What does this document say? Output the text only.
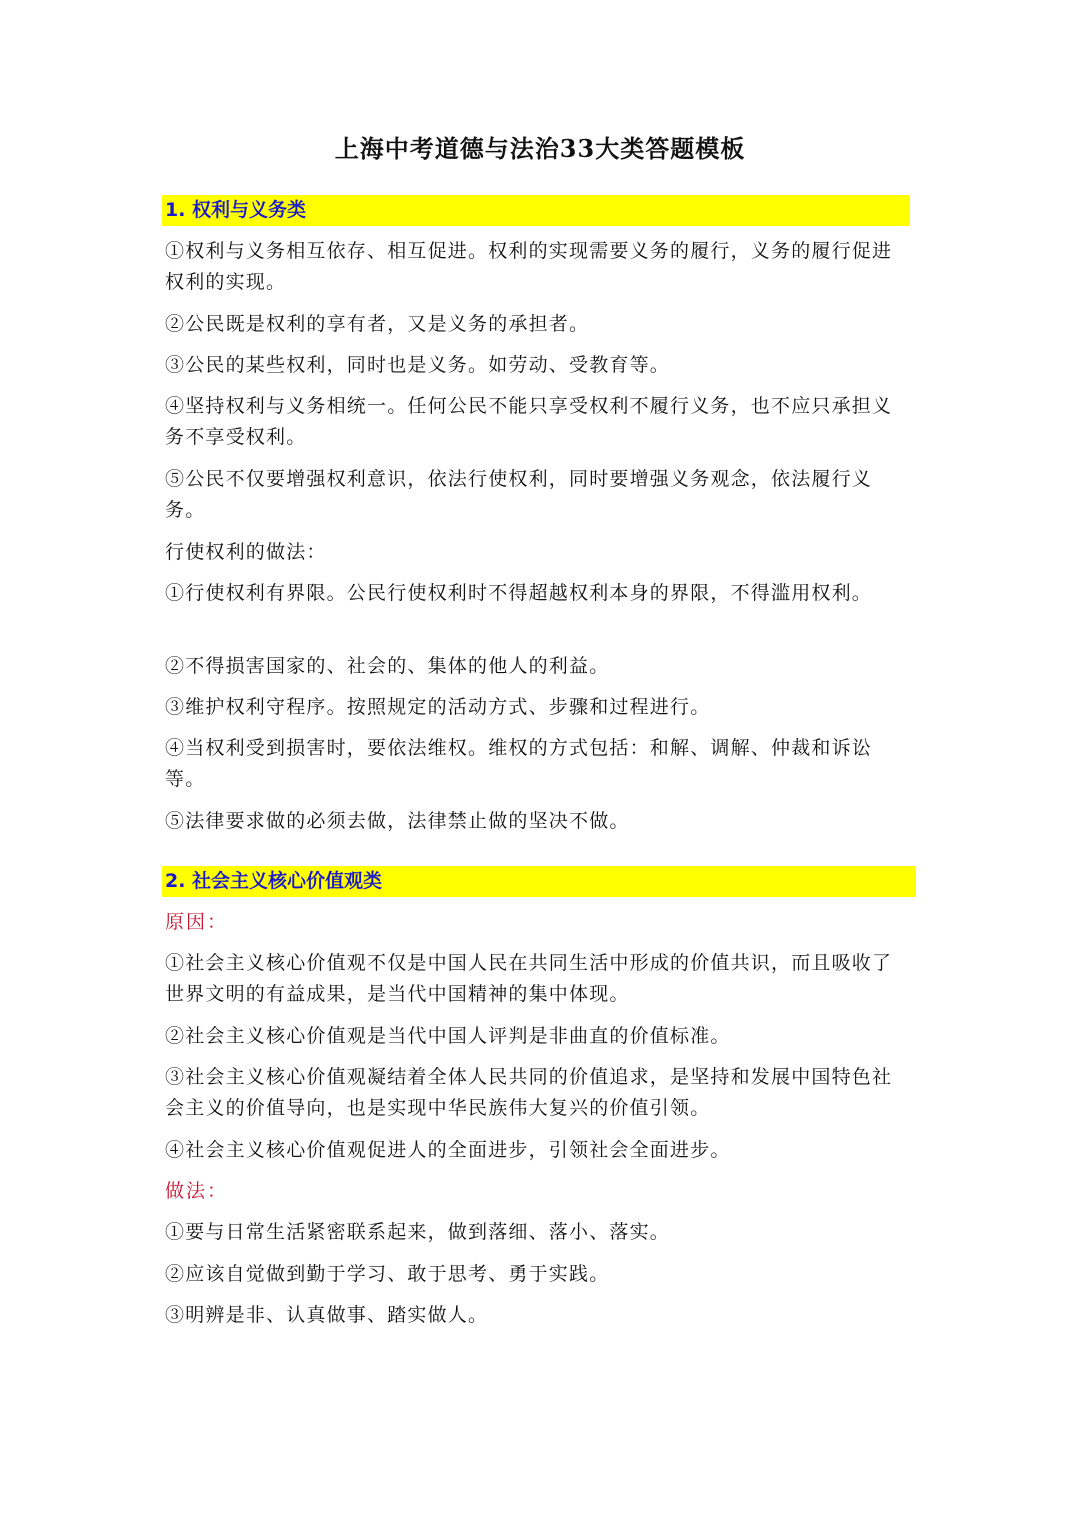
上海中考道德与法治33大类答题模板
1. 权利与义务类

①权利与义务相互依存、相互促进。权利的实现需要义务的履行，义务的履行促进权利的实现。

②公民既是权利的享有者，又是义务的承担者。

③公民的某些权利，同时也是义务。如劳动、受教育等。

④坚持权利与义务相统一。任何公民不能只享受权利不履行义务，也不应只承担义务不享受权利。

⑤公民不仅要增强权利意识，依法行使权利，同时要增强义务观念，依法履行义务。

行使权利的做法：

①行使权利有界限。公民行使权利时不得超越权利本身的界限，不得滥用权利。

②不得损害国家的、社会的、集体的他人的利益。

③维护权利守程序。按照规定的活动方式、步骤和过程进行。

④当权利受到损害时，要依法维权。维权的方式包括：和解、调解、仲裁和诉讼等。

⑤法律要求做的必须去做，法律禁止做的坚决不做。

2. 社会主义核心价值观类
原因：

①社会主义核心价值观不仅是中国人民在共同生活中形成的价值共识，而且吸收了世界文明的有益成果，是当代中国精神的集中体现。

②社会主义核心价值观是当代中国人评判是非曲直的价值标准。

③社会主义核心价值观凝结着全体人民共同的价值追求，是坚持和发展中国特色社会主义的价值导向，也是实现中华民族伟大复兴的价值引领。

④社会主义核心价值观促进人的全面进步，引领社会全面进步。

做法：

①要与日常生活紧密联系起来，做到落细、落小、落实。

②应该自觉做到勤于学习、敢于思考、勇于实践。

③明辨是非、认真做事、踏实做人。
